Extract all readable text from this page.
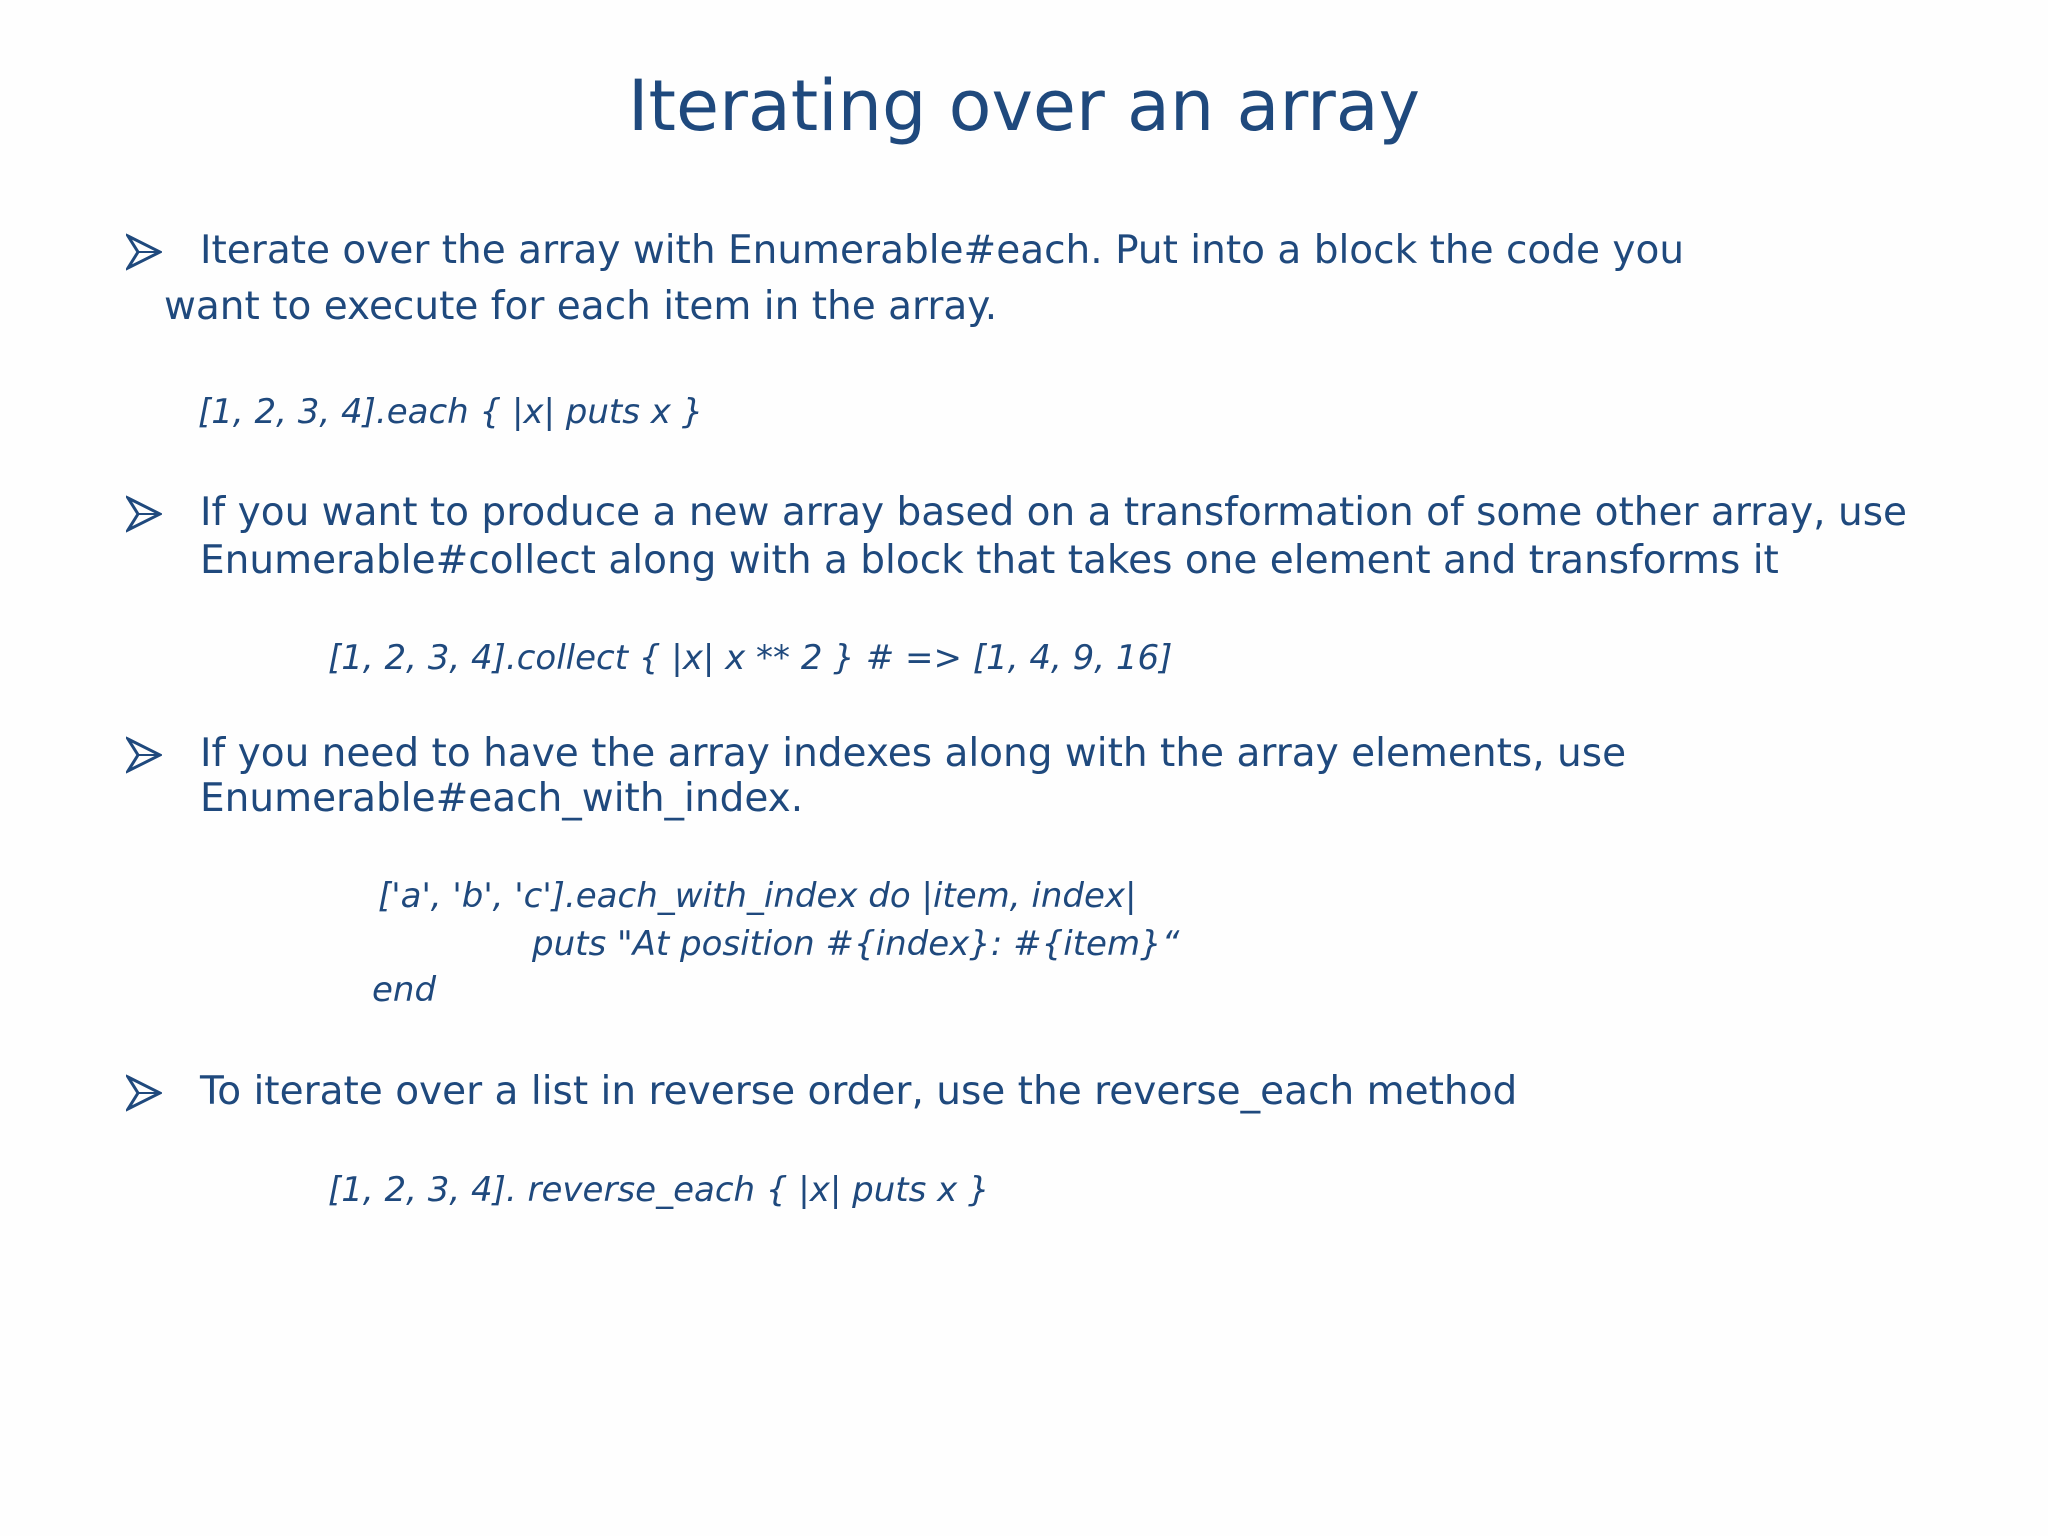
Iterating over an array
Iterate over the array with Enumerable#each. Put into a block the code you
want to execute for each item in the array.
[1, 2, 3, 4].each { |x| puts x }
If you want to produce a new array based on a transformation of some other array, use
Enumerable#collect along with a block that takes one element and transforms it
[1, 2, 3, 4].collect { |x| x ** 2 } # => [1, 4, 9, 16]
If you need to have the array indexes along with the array elements, use
Enumerable#each_with_index.
['a', 'b', 'c'].each_with_index do |item, index|
puts "At position #{index}: #{item}“
end
To iterate over a list in reverse order, use the reverse_each method
[1, 2, 3, 4]. reverse_each { |x| puts x }
